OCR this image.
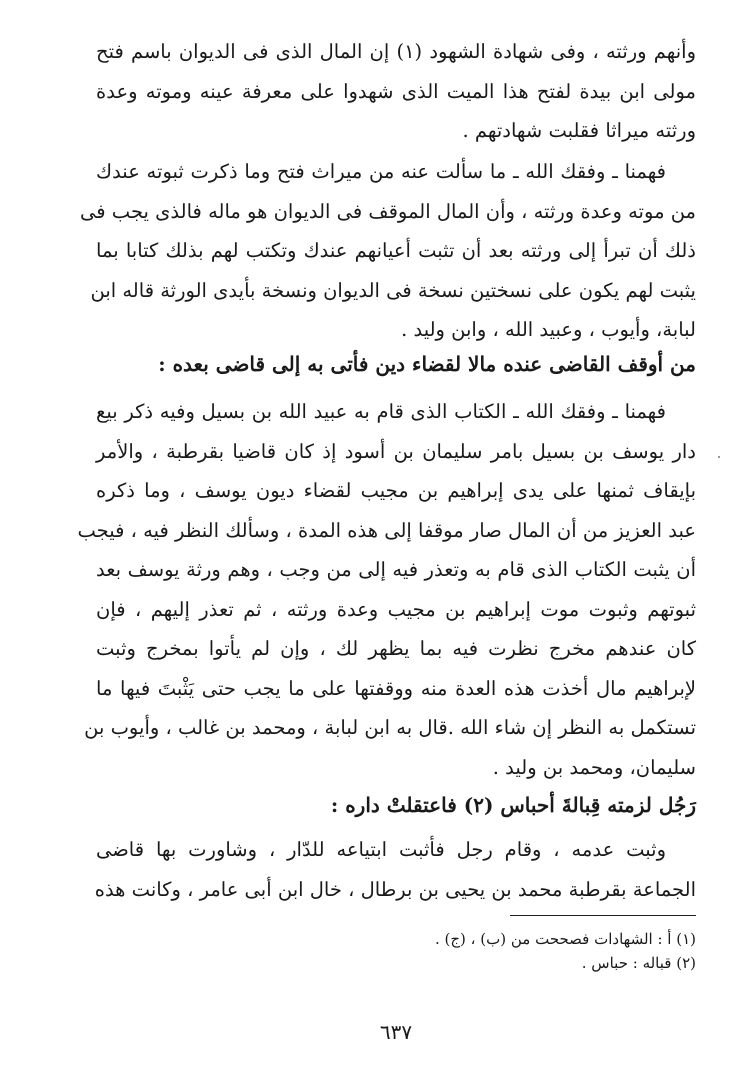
وأنهم ورثته ، وفى شهادة الشهود (١) إن المال الذى فى الديوان باسم فتح
مولى ابن بيدة لفتح هذا الميت الذى شهدوا على معرفة عينه وموته وعدة
ورثته ميراثا فقلبت شهادتهم .
فهمنا ـ وفقك الله ـ ما سألت عنه من ميراث فتح وما ذكرت ثبوته عندك
من موته وعدة ورثته ، وأن المال الموقف فى الديوان هو ماله فالذى يجب فى
ذلك أن تبرأ إلى ورثته بعد أن تثبت أعيانهم عندك وتكتب لهم بذلك كتابا بما
يثبت لهم يكون على نسختين نسخة فى الديوان ونسخة بأيدى الورثة قاله ابن
لبابة، وأيوب ، وعبيد الله ، وابن وليد .
من أوقف القاضى عنده مالا لقضاء دين فأتى به إلى قاضى بعده :
فهمنا ـ وفقك الله ـ الكتاب الذى قام به عبيد الله بن بسيل وفيه ذكر بيع
دار يوسف بن بسيل بامر سليمان بن أسود إذ كان قاضيا بقرطبة ، والأمر
بإيقاف ثمنها على يدى إبراهيم بن مجيب لقضاء ديون يوسف ، وما ذكره
عبد العزيز من أن المال صار موقفا إلى هذه المدة ، وسألك النظر فيه ، فيجب
أن يثبت الكتاب الذى قام به وتعذر فيه إلى من وجب ، وهم ورثة يوسف بعد
ثبوتهم وثبوت موت إبراهيم بن مجيب وعدة ورثته ، ثم تعذر إليهم ، فإن
كان عندهم مخرج نظرت فيه بما يظهر لك ، وإن لم يأتوا بمخرج وثبت
لإبراهيم مال أخذت هذه العدة منه ووقفتها على ما يجب حتى يَثْبتَ فيها ما
تستكمل به النظر إن شاء الله .قال به ابن لبابة ، ومحمد بن غالب ، وأيوب بن
سليمان، ومحمد بن وليد .
رَجُل لزمته قِبالةَ أحباس (٢) فاعتقلتْ داره :
وثبت عدمه ، وقام رجل فأثبت ابتياعه للدّار ، وشاورت بها قاضى
الجماعة بقرطبة محمد بن يحيى بن برطال ، خال ابن أبى عامر ، وكانت هذه
(١) أ : الشهادات فصححت من (ب) ، (ج) .
(٢) قباله : حباس .
٦٣٧
